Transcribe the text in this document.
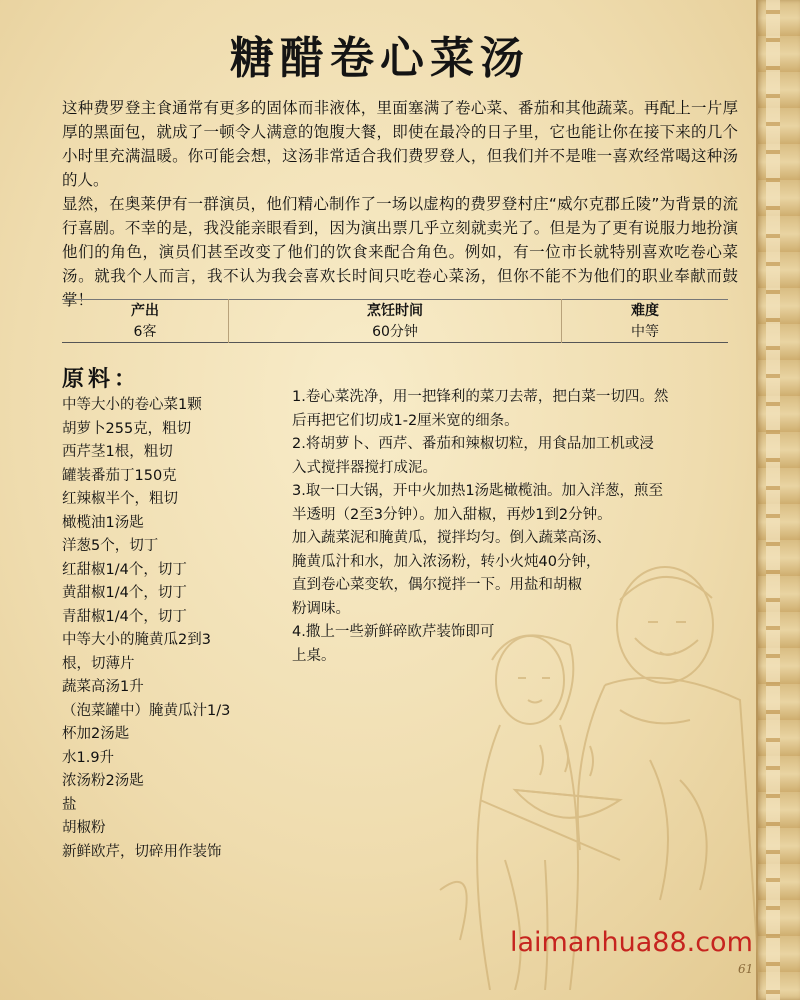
糖醋卷心菜汤

这种费罗登主食通常有更多的固体而非液体，里面塞满了卷心菜、番茄和其他蔬菜。再配上一片厚厚的黑面包，就成了一顿令人满意的饱腹大餐，即使在最冷的日子里，它也能让你在接下来的几个小时里充满温暖。你可能会想，这汤非常适合我们费罗登人，但我们并不是唯一喜欢经常喝这种汤的人。

显然，在奥莱伊有一群演员，他们精心制作了一场以虚构的费罗登村庄“威尔克郡丘陵”为背景的流行喜剧。不幸的是，我没能亲眼看到，因为演出票几乎立刻就卖光了。但是为了更有说服力地扮演他们的角色，演员们甚至改变了他们的饮食来配合角色。例如，有一位市长就特别喜欢吃卷心菜汤。就我个人而言，我不认为我会喜欢长时间只吃卷心菜汤，但你不能不为他们的职业奉献而鼓掌！

产出	烹饪时间	难度
6客	60分钟	中等
原料：
中等大小的卷心菜1颗
胡萝卜255克，粗切
西芹茎1根，粗切
罐装番茄丁150克
红辣椒半个，粗切
橄榄油1汤匙
洋葱5个，切丁
红甜椒1/4个，切丁
黄甜椒1/4个，切丁
青甜椒1/4个，切丁
中等大小的腌黄瓜2到3
根，切薄片
蔬菜高汤1升
（泡菜罐中）腌黄瓜汁1/3
杯加2汤匙
水1.9升
浓汤粉2汤匙
盐
胡椒粉
新鲜欧芹，切碎用作装饰
1.卷心菜洗净，用一把锋利的菜刀去蒂，把白菜一切四。然
后再把它们切成1-2厘米宽的细条。
2.将胡萝卜、西芹、番茄和辣椒切粒，用食品加工机或浸
入式搅拌器搅打成泥。
3.取一口大锅，开中火加热1汤匙橄榄油。加入洋葱，煎至
半透明（2至3分钟）。加入甜椒，再炒1到2分钟。
加入蔬菜泥和腌黄瓜，搅拌均匀。倒入蔬菜高汤、
腌黄瓜汁和水，加入浓汤粉，转小火炖40分钟，
直到卷心菜变软，偶尔搅拌一下。用盐和胡椒
粉调味。
4.撒上一些新鲜碎欧芹装饰即可
上桌。
laimanhua88.com
61
